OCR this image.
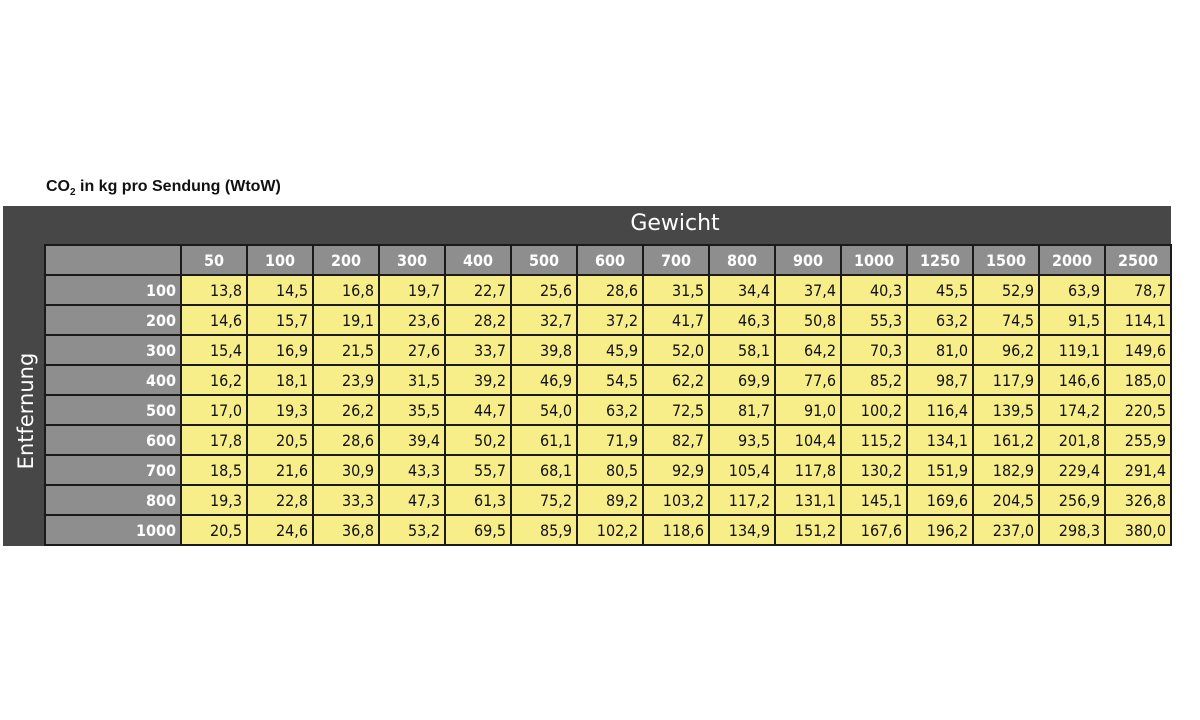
$CO_2$ in kg pro Sendung (WtoW)
Gewicht
Entfernung
	50	100	200	300	400	500	600	700	800	900	1000	1250	1500	2000	2500
100	13,8	14,5	16,8	19,7	22,7	25,6	28,6	31,5	34,4	37,4	40,3	45,5	52,9	63,9	78,7
200	14,6	15,7	19,1	23,6	28,2	32,7	37,2	41,7	46,3	50,8	55,3	63,2	74,5	91,5	114,1
300	15,4	16,9	21,5	27,6	33,7	39,8	45,9	52,0	58,1	64,2	70,3	81,0	96,2	119,1	149,6
400	16,2	18,1	23,9	31,5	39,2	46,9	54,5	62,2	69,9	77,6	85,2	98,7	117,9	146,6	185,0
500	17,0	19,3	26,2	35,5	44,7	54,0	63,2	72,5	81,7	91,0	100,2	116,4	139,5	174,2	220,5
600	17,8	20,5	28,6	39,4	50,2	61,1	71,9	82,7	93,5	104,4	115,2	134,1	161,2	201,8	255,9
700	18,5	21,6	30,9	43,3	55,7	68,1	80,5	92,9	105,4	117,8	130,2	151,9	182,9	229,4	291,4
800	19,3	22,8	33,3	47,3	61,3	75,2	89,2	103,2	117,2	131,1	145,1	169,6	204,5	256,9	326,8
1000	20,5	24,6	36,8	53,2	69,5	85,9	102,2	118,6	134,9	151,2	167,6	196,2	237,0	298,3	380,0
